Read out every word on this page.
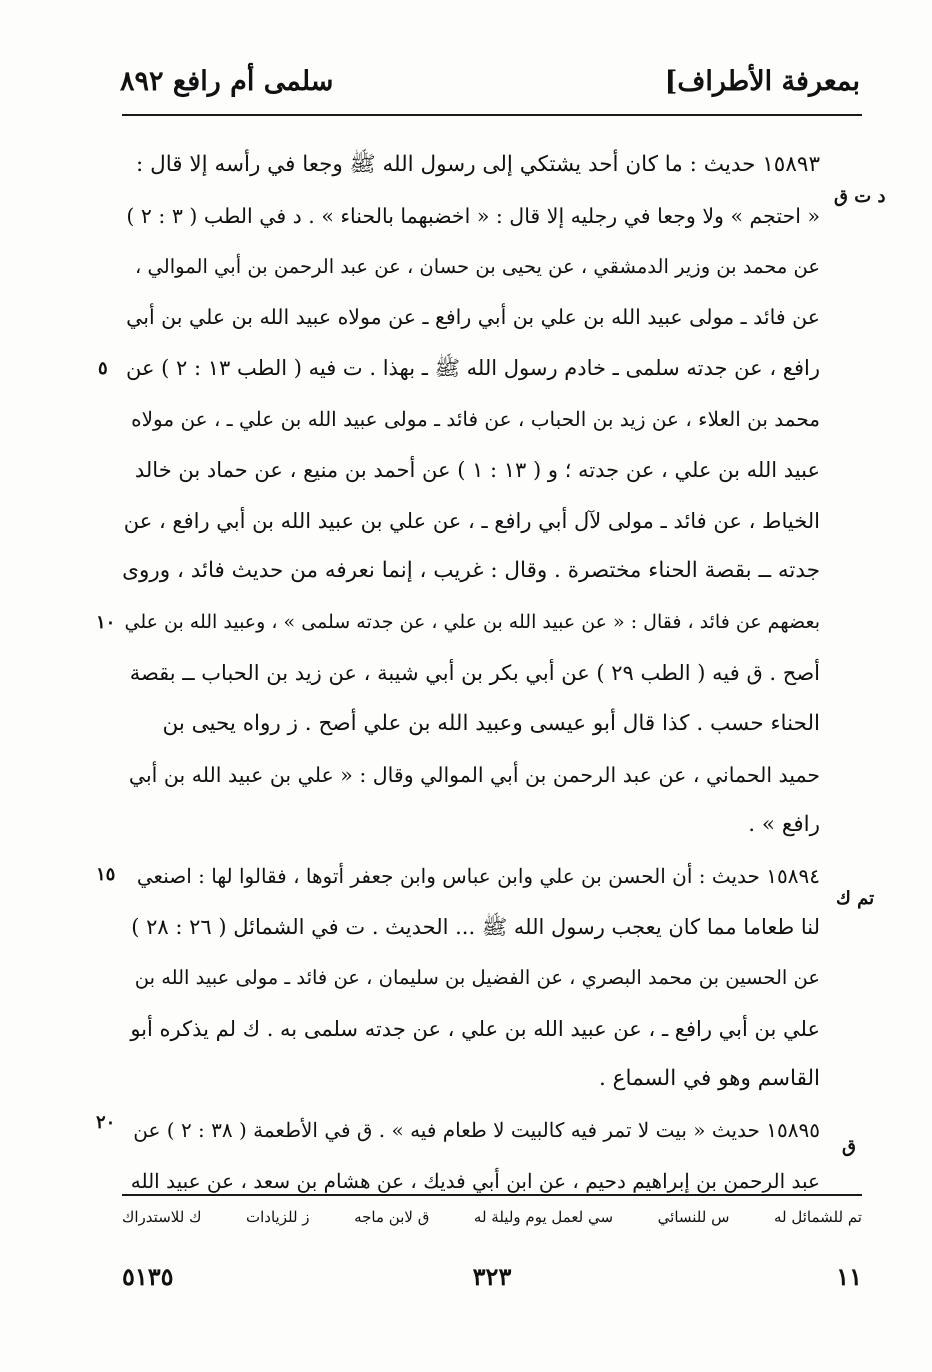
بمعرفة الأطراف]
سلمى أم رافع ٨٩٢
١٥٨٩٣ حديث : ما كان أحد يشتكي إلى رسول الله ﷺ وجعا في رأسه إلا قال :
« احتجم » ولا وجعا في رجليه إلا قال : « اخضبهما بالحناء » . د في الطب ( ٣ : ٢ )
عن محمد بن وزير الدمشقي ، عن يحيى بن حسان ، عن عبد الرحمن بن أبي الموالي ،
عن فائد ـ مولى عبيد الله بن علي بن أبي رافع ـ عن مولاه عبيد الله بن علي بن أبي
رافع ، عن جدته سلمى ـ خادم رسول الله ﷺ ـ بهذا . ت فيه ( الطب ١٣ : ٢ ) عن
محمد بن العلاء ، عن زيد بن الحباب ، عن فائد ـ مولى عبيد الله بن علي ـ ، عن مولاه
عبيد الله بن علي ، عن جدته ؛ و ( ١٣ : ١ ) عن أحمد بن منيع ، عن حماد بن خالد
الخياط ، عن فائد ـ مولى لآل أبي رافع ـ ، عن علي بن عبيد الله بن أبي رافع ، عن
جدته ــ بقصة الحناء مختصرة . وقال : غريب ، إنما نعرفه من حديث فائد ، وروى
بعضهم عن فائد ، فقال : « عن عبيد الله بن علي ، عن جدته سلمى » ، وعبيد الله بن علي
أصح . ق فيه ( الطب ٢٩ ) عن أبي بكر بن أبي شيبة ، عن زيد بن الحباب ــ بقصة
الحناء حسب . كذا قال أبو عيسى وعبيد الله بن علي أصح . ز رواه يحيى بن
حميد الحماني ، عن عبد الرحمن بن أبي الموالي وقال : « علي بن عبيد الله بن أبي
رافع » .
١٥٨٩٤ حديث : أن الحسن بن علي وابن عباس وابن جعفر أتوها ، فقالوا لها : اصنعي
لنا طعاما مما كان يعجب رسول الله ﷺ ... الحديث . ت في الشمائل ( ٢٦ : ٢٨ )
عن الحسين بن محمد البصري ، عن الفضيل بن سليمان ، عن فائد ـ مولى عبيد الله بن
علي بن أبي رافع ـ ، عن عبيد الله بن علي ، عن جدته سلمى به . ك لم يذكره أبو
القاسم وهو في السماع .
١٥٨٩٥ حديث « بيت لا تمر فيه كالبيت لا طعام فيه » . ق في الأطعمة ( ٣٨ : ٢ ) عن
عبد الرحمن بن إبراهيم دحيم ، عن ابن أبي فديك ، عن هشام بن سعد ، عن عبيد الله
د ت ق
٥
١٠
١٥
تم ك
٢٠
ق
تم للشمائل له
س للنسائي
سي لعمل يوم وليلة له
ق لابن ماجه
ز للزيادات
ك للاستدراك
١١
٣٢٣
٥١٣٥
